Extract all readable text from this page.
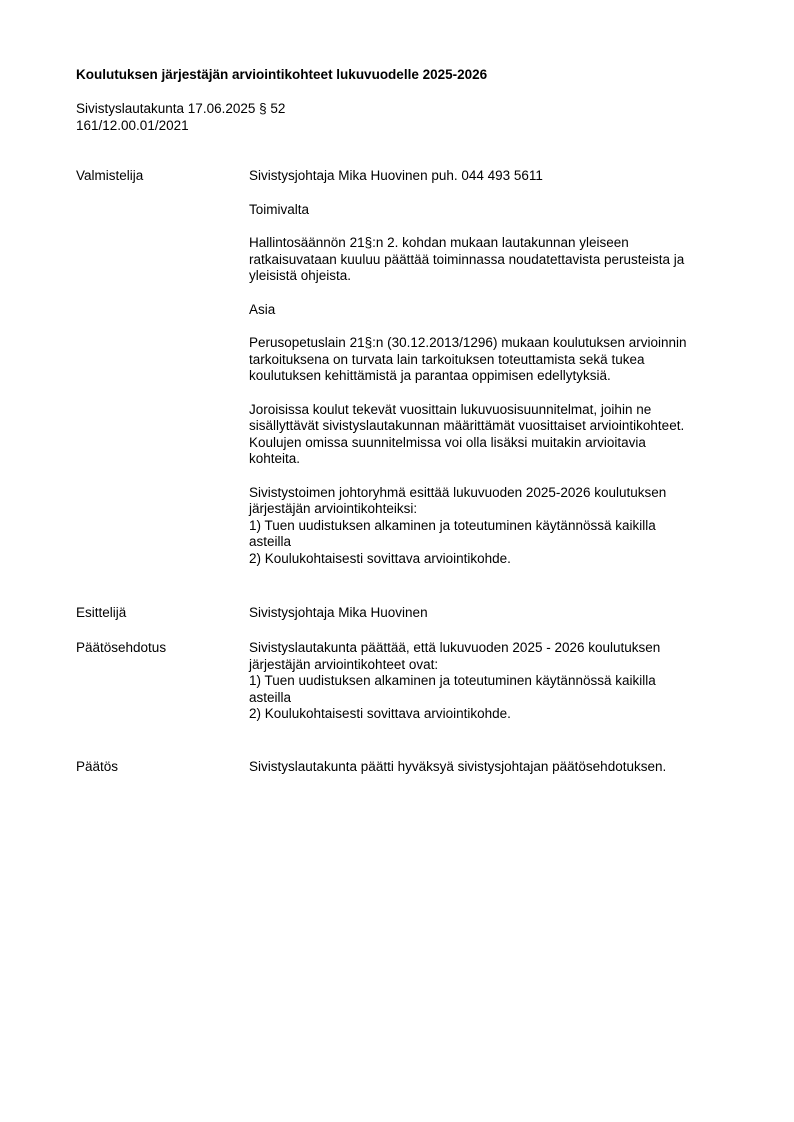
Koulutuksen järjestäjän arviointikohteet lukuvuodelle 2025-2026
Sivistyslautakunta 17.06.2025 § 52
161/12.00.01/2021
Valmistelija	Sivistysjohtaja Mika Huovinen puh. 044 493 5611

Toimivalta

Hallintosäännön 21§:n 2. kohdan mukaan lautakunnan yleiseen
ratkaisuvataan kuuluu päättää toiminnassa noudatettavista perusteista ja
yleisistä ohjeista.

Asia

Perusopetuslain 21§:n (30.12.2013/1296) mukaan koulutuksen arvioinnin
tarkoituksena on turvata lain tarkoituksen toteuttamista sekä tukea
koulutuksen kehittämistä ja parantaa oppimisen edellytyksiä.

Joroisissa koulut tekevät vuosittain lukuvuosisuunnitelmat, joihin ne
sisällyttävät sivistyslautakunnan määrittämät vuosittaiset arviointikohteet.
Koulujen omissa suunnitelmissa voi olla lisäksi muitakin arvioitavia
kohteita.

Sivistystoimen johtoryhmä esittää lukuvuoden 2025-2026 koulutuksen
järjestäjän arviointikohteiksi:
1) Tuen uudistuksen alkaminen ja toteutuminen käytännössä kaikilla
asteilla
2) Koulukohtaisesti sovittava arviointikohde.

Esittelijä	Sivistysjohtaja Mika Huovinen

Päätösehdotus	Sivistyslautakunta päättää, että lukuvuoden 2025 - 2026 koulutuksen
järjestäjän arviointikohteet ovat:
1) Tuen uudistuksen alkaminen ja toteutuminen käytännössä kaikilla
asteilla
2) Koulukohtaisesti sovittava arviointikohde.

Päätös	Sivistyslautakunta päätti hyväksyä sivistysjohtajan päätösehdotuksen.
